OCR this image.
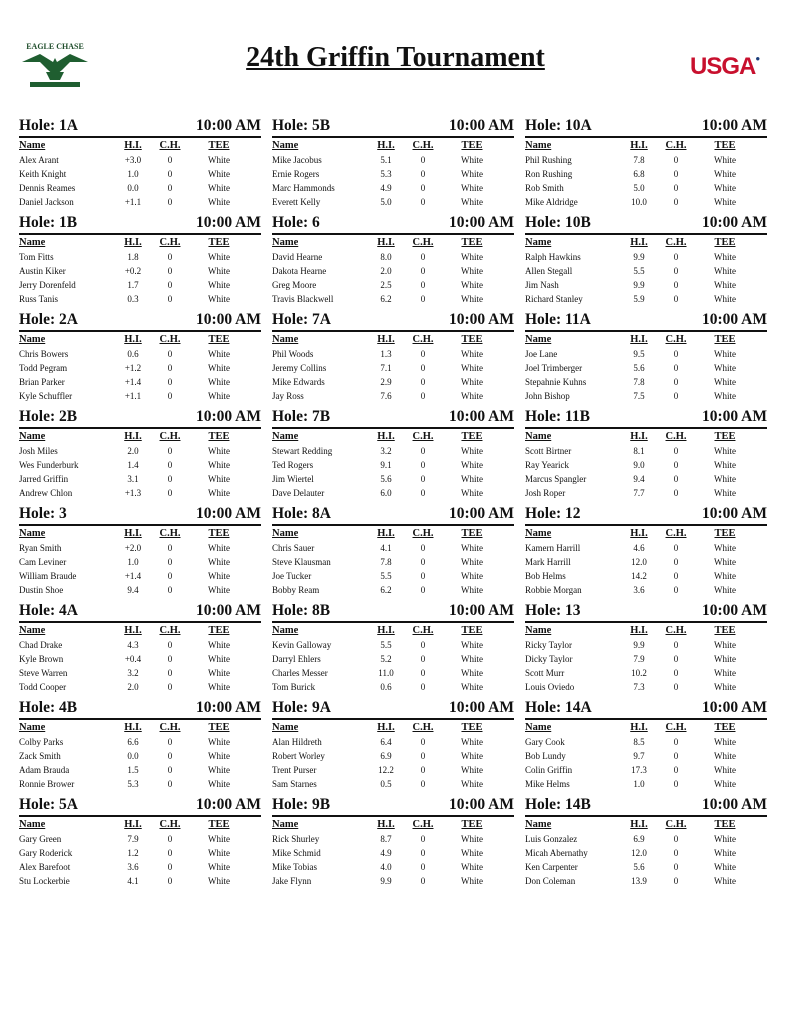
EAGLE CHASE	24th Griffin Tournament	USGA●
Hole: 1A	10:00 AM
Name	H.I.	C.H.	TEE
Alex Arant	+3.0	0	White
Keith Knight	1.0	0	White
Dennis Reames	0.0	0	White
Daniel Jackson	+1.1	0	White
Hole: 5B	10:00 AM
Name	H.I.	C.H.	TEE
Mike Jacobus	5.1	0	White
Ernie Rogers	5.3	0	White
Marc Hammonds	4.9	0	White
Everett Kelly	5.0	0	White
Hole: 10A	10:00 AM
Name	H.I.	C.H.	TEE
Phil Rushing	7.8	0	White
Ron Rushing	6.8	0	White
Rob Smith	5.0	0	White
Mike Aldridge	10.0	0	White
Hole: 1B	10:00 AM
Name	H.I.	C.H.	TEE
Tom Fitts	1.8	0	White
Austin Kiker	+0.2	0	White
Jerry Dorenfeld	1.7	0	White
Russ Tanis	0.3	0	White
Hole: 6	10:00 AM
Name	H.I.	C.H.	TEE
David Hearne	8.0	0	White
Dakota Hearne	2.0	0	White
Greg Moore	2.5	0	White
Travis Blackwell	6.2	0	White
Hole: 10B	10:00 AM
Name	H.I.	C.H.	TEE
Ralph Hawkins	9.9	0	White
Allen Stegall	5.5	0	White
Jim Nash	9.9	0	White
Richard Stanley	5.9	0	White
Hole: 2A	10:00 AM
Name	H.I.	C.H.	TEE
Chris Bowers	0.6	0	White
Todd Pegram	+1.2	0	White
Brian Parker	+1.4	0	White
Kyle Schuffler	+1.1	0	White
Hole: 7A	10:00 AM
Name	H.I.	C.H.	TEE
Phil Woods	1.3	0	White
Jeremy Collins	7.1	0	White
Mike Edwards	2.9	0	White
Jay Ross	7.6	0	White
Hole: 11A	10:00 AM
Name	H.I.	C.H.	TEE
Joe Lane	9.5	0	White
Joel Trimberger	5.6	0	White
Stepahnie Kuhns	7.8	0	White
John Bishop	7.5	0	White
Hole: 2B	10:00 AM
Name	H.I.	C.H.	TEE
Josh Miles	2.0	0	White
Wes Funderburk	1.4	0	White
Jarred Griffin	3.1	0	White
Andrew Chlon	+1.3	0	White
Hole: 7B	10:00 AM
Name	H.I.	C.H.	TEE
Stewart Redding	3.2	0	White
Ted Rogers	9.1	0	White
Jim Wiertel	5.6	0	White
Dave Delauter	6.0	0	White
Hole: 11B	10:00 AM
Name	H.I.	C.H.	TEE
Scott Birtner	8.1	0	White
Ray Yearick	9.0	0	White
Marcus Spangler	9.4	0	White
Josh Roper	7.7	0	White
Hole: 3	10:00 AM
Name	H.I.	C.H.	TEE
Ryan Smith	+2.0	0	White
Cam Leviner	1.0	0	White
William Braude	+1.4	0	White
Dustin Shoe	9.4	0	White
Hole: 8A	10:00 AM
Name	H.I.	C.H.	TEE
Chris Sauer	4.1	0	White
Steve Klausman	7.8	0	White
Joe Tucker	5.5	0	White
Bobby Ream	6.2	0	White
Hole: 12	10:00 AM
Name	H.I.	C.H.	TEE
Kamern Harrill	4.6	0	White
Mark Harrill	12.0	0	White
Bob Helms	14.2	0	White
Robbie Morgan	3.6	0	White
Hole: 4A	10:00 AM
Name	H.I.	C.H.	TEE
Chad Drake	4.3	0	White
Kyle Brown	+0.4	0	White
Steve Warren	3.2	0	White
Todd Cooper	2.0	0	White
Hole: 8B	10:00 AM
Name	H.I.	C.H.	TEE
Kevin Galloway	5.5	0	White
Darryl Ehlers	5.2	0	White
Charles Messer	11.0	0	White
Tom Burick	0.6	0	White
Hole: 13	10:00 AM
Name	H.I.	C.H.	TEE
Ricky Taylor	9.9	0	White
Dicky Taylor	7.9	0	White
Scott Murr	10.2	0	White
Louis Oviedo	7.3	0	White
Hole: 4B	10:00 AM
Name	H.I.	C.H.	TEE
Colby Parks	6.6	0	White
Zack Smith	0.0	0	White
Adam Brauda	1.5	0	White
Ronnie Brower	5.3	0	White
Hole: 9A	10:00 AM
Name	H.I.	C.H.	TEE
Alan Hildreth	6.4	0	White
Robert Worley	6.9	0	White
Trent Purser	12.2	0	White
Sam Starnes	0.5	0	White
Hole: 14A	10:00 AM
Name	H.I.	C.H.	TEE
Gary Cook	8.5	0	White
Bob Lundy	9.7	0	White
Colin Griffin	17.3	0	White
Mike Helms	1.0	0	White
Hole: 5A	10:00 AM
Name	H.I.	C.H.	TEE
Gary Green	7.9	0	White
Gary Roderick	1.2	0	White
Alex Barefoot	3.6	0	White
Stu Lockerbie	4.1	0	White
Hole: 9B	10:00 AM
Name	H.I.	C.H.	TEE
Rick Shurley	8.7	0	White
Mike Schmid	4.9	0	White
Mike Tobias	4.0	0	White
Jake Flynn	9.9	0	White
Hole: 14B	10:00 AM
Name	H.I.	C.H.	TEE
Luis Gonzalez	6.9	0	White
Micah Abernathy	12.0	0	White
Ken Carpenter	5.6	0	White
Don Coleman	13.9	0	White
